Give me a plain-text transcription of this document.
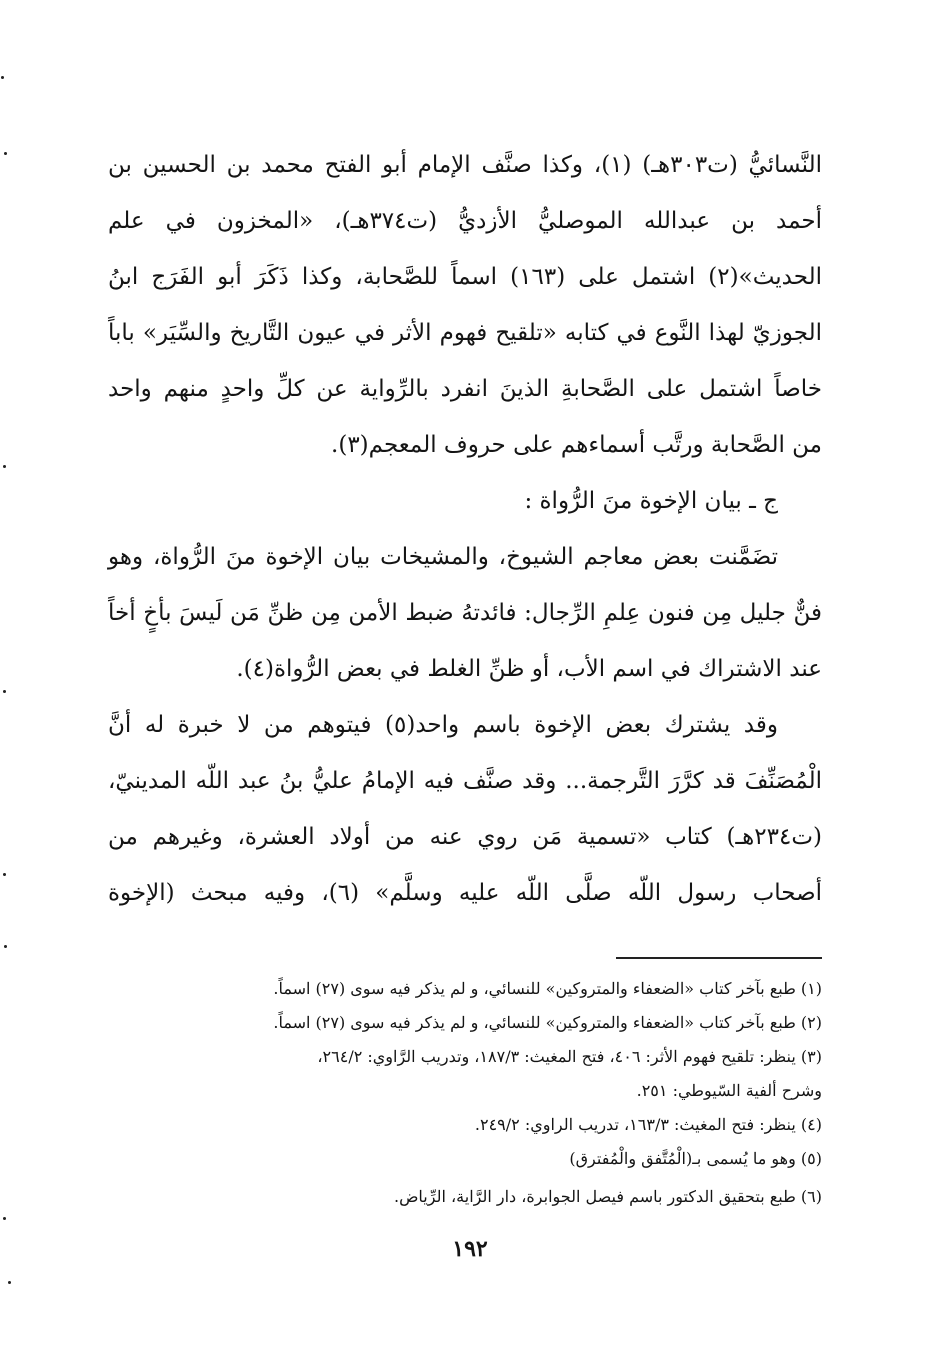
النَّسائيُّ (ت٣٠٣هـ) (١)، وكذا صنَّف الإمام أبو الفتح محمد بن الحسين بن
أحمد بن عبدالله الموصليُّ الأزديُّ (ت٣٧٤هـ)، «المخزون في علم
الحديث»(٢) اشتمل على (١٦٣) اسماً للصَّحابة، وكذا ذَكَرَ أبو الفَرَج ابنُ
الجوزيّ لهذا النَّوع في كتابه «تلقيح فهوم الأثر في عيون التَّاريخ والسِّيَر» باباً
خاصاً اشتمل على الصَّحابةِ الذينَ انفرد بالرِّواية عن كلِّ واحدٍ منهم واحد
من الصَّحابة ورتَّب أسماءهم على حروف المعجم(٣).
ج ـ بيان الإخوة منَ الرُّواة :
تضَمَّنت بعض معاجم الشيوخ، والمشيخات بيان الإخوة منَ الرُّواة، وهو
فنٌّ جليل مِن فنون عِلمِ الرِّجال: فائدتهُ ضبط الأمن مِن ظنِّ مَن لَيسَ بأخٍ أخاً
عند الاشتراك في اسم الأب، أو ظنِّ الغلط في بعض الرُّواة(٤).
وقد يشترك بعض الإخوة باسم واحد(٥) فيتوهم من لا خبرة له أنَّ
الْمُصَنِّفَ قد كرَّرَ التَّرجمة... وقد صنَّف فيه الإمامُ عليُّ بنُ عبد اللّه المدينيّ،
(ت٢٣٤هـ) كتاب «تسمية مَن روي عنه من أولاد العشرة، وغيرهم من
أصحاب رسول اللّه صلَّى اللّه عليه وسلَّم» (٦)، وفيه مبحث (الإخوة
(١) طبع بآخر كتاب «الضعفاء والمتروكين» للنسائي، و لم يذكر فيه سوى (٢٧) اسماً.
(٢) طبع بآخر كتاب «الضعفاء والمتروكين» للنسائي، و لم يذكر فيه سوى (٢٧) اسماً.
(٣) ينظر: تلقيح فهوم الأثر: ٤٠٦، فتح المغيث: ١٨٧/٣، وتدريب الرَّاوي: ٢٦٤/٢،
وشرح ألفية السّيوطي: ٢٥١.
(٤) ينظر: فتح المغيث: ١٦٣/٣، تدريب الراوي: ٢٤٩/٢.
(٥) وهو ما يُسمى بـ(الْمُتَّفق والْمُفترق)
(٦) طبع بتحقيق الدكتور باسم فيصل الجوابرة، دار الرَّاية، الرِّياض.
١٩٢
